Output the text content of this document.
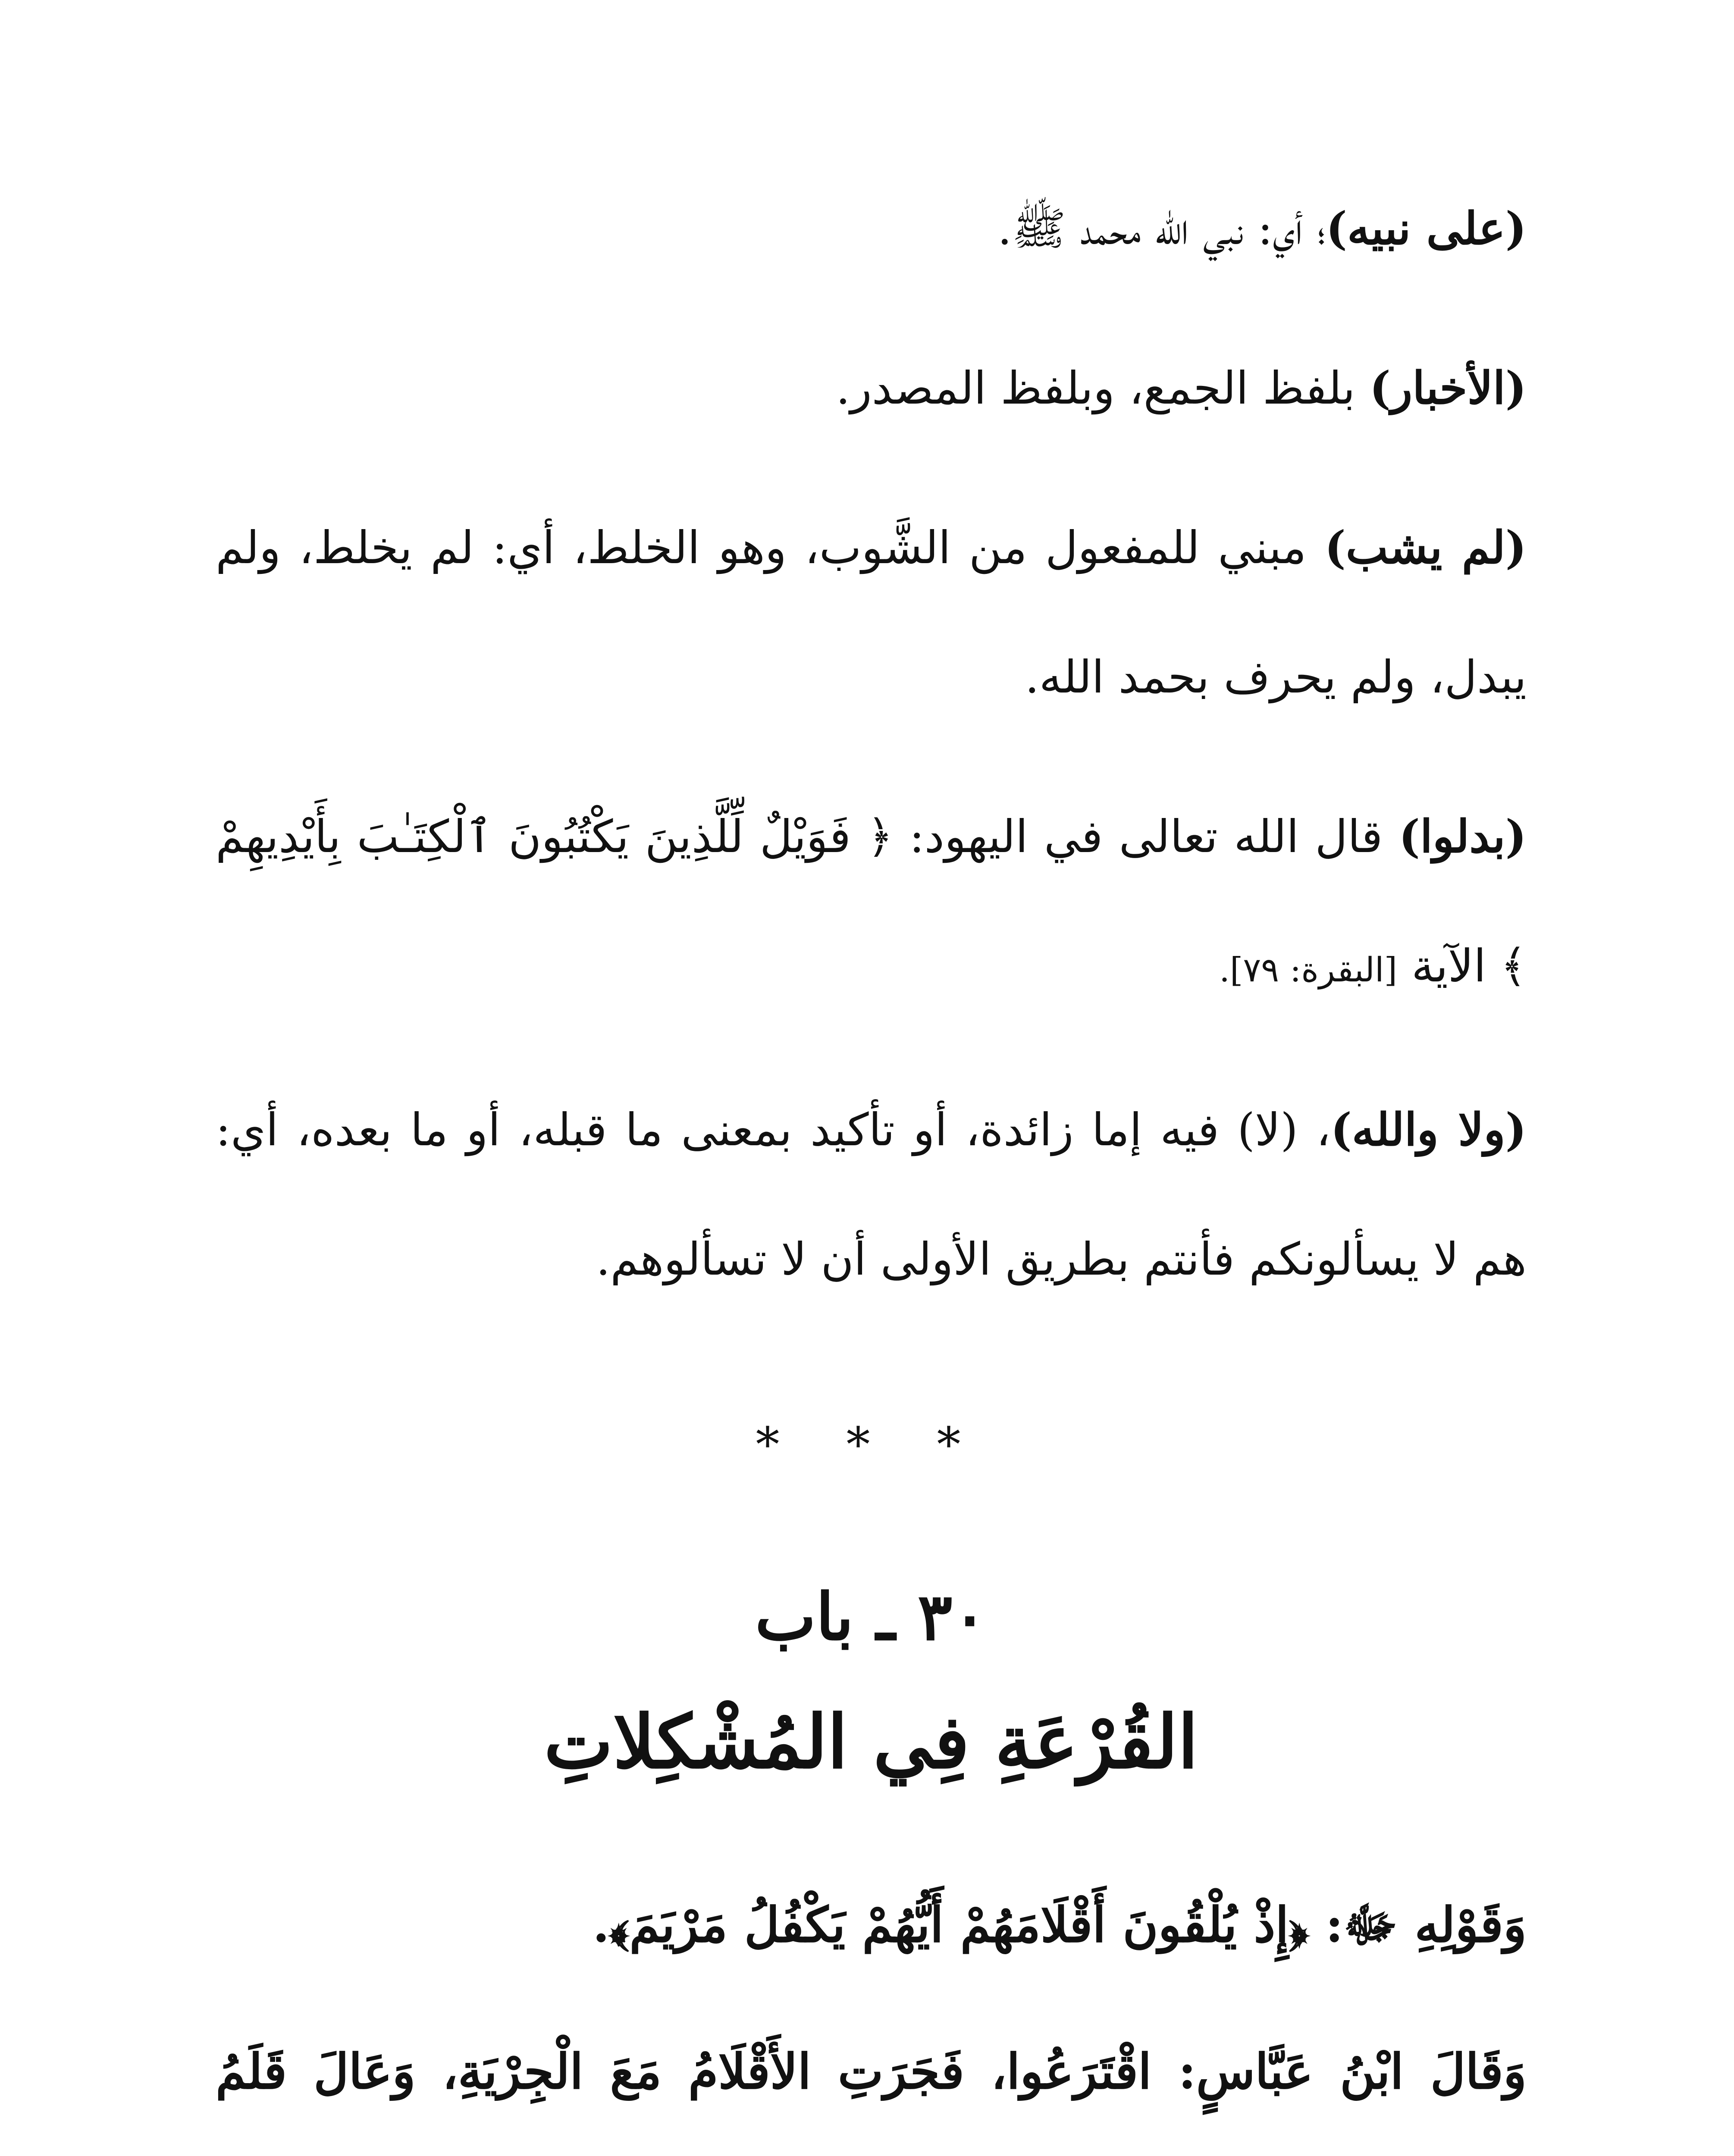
(على نبيه)؛ أي: نبي الله محمد ﷺ.

(الأخبار) بلفظ الجمع، وبلفظ المصدر.

(لم يشب) مبني للمفعول من الشَّوب، وهو الخلط، أي: لم يخلط، ولم يبدل، ولم يحرف بحمد الله.

(بدلوا) قال الله تعالى في اليهود: ﴿ فَوَيْلٌ لِّلَّذِينَ يَكْتُبُونَ ٱلْكِتَـٰبَ بِأَيْدِيهِمْ ﴾ الآية [البقرة: ٧٩].

(ولا والله)، (لا) فيه إما زائدة، أو تأكيد بمعنى ما قبله، أو ما بعده، أي: هم لا يسألونكم فأنتم بطريق الأولى أن لا تسألوهم.

* * *
٣٠ ـ باب
القُرْعَةِ فِي المُشْكِلاتِ

وَقَوْلِهِ ﷻ: ﴿إِذْ يُلْقُونَ أَقْلَامَهُمْ أَيُّهُمْ يَكْفُلُ مَرْيَمَ﴾.

وَقَالَ ابْنُ عَبَّاسٍ: اقْتَرَعُوا، فَجَرَتِ الأَقْلَامُ مَعَ الْجِرْيَةِ، وَعَالَ قَلَمُ
